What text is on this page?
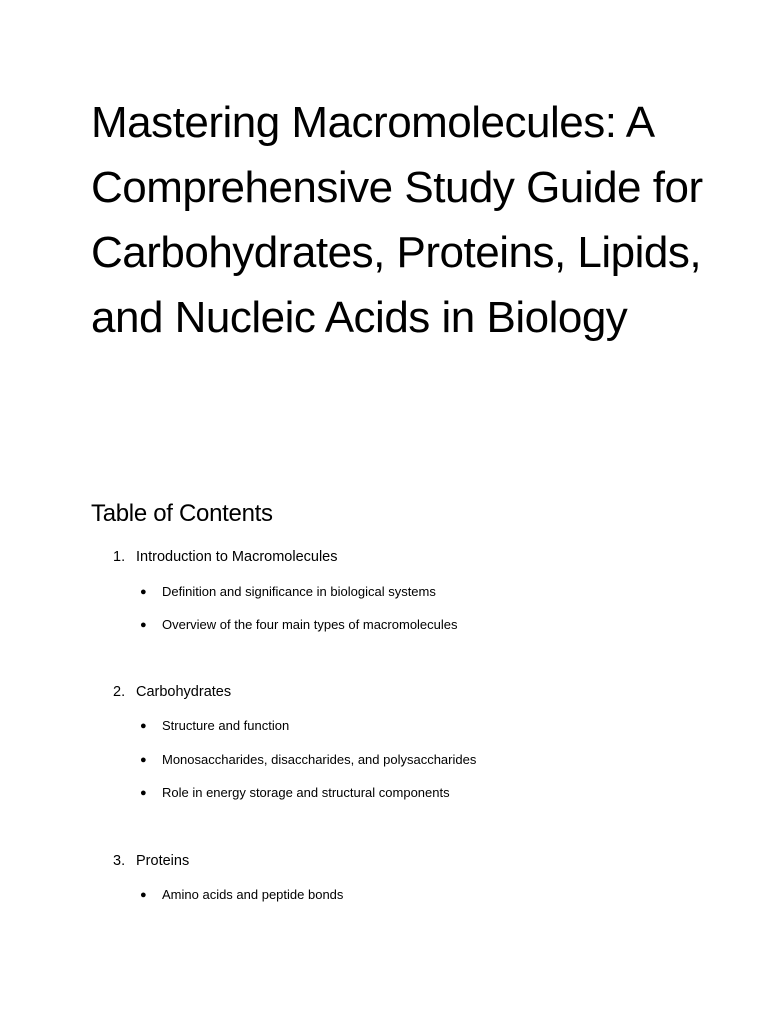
Mastering Macromolecules: A Comprehensive Study Guide for Carbohydrates, Proteins, Lipids, and Nucleic Acids in Biology
Table of Contents
1. Introduction to Macromolecules
● Definition and significance in biological systems
● Overview of the four main types of macromolecules
2. Carbohydrates
● Structure and function
● Monosaccharides, disaccharides, and polysaccharides
● Role in energy storage and structural components
3. Proteins
● Amino acids and peptide bonds
